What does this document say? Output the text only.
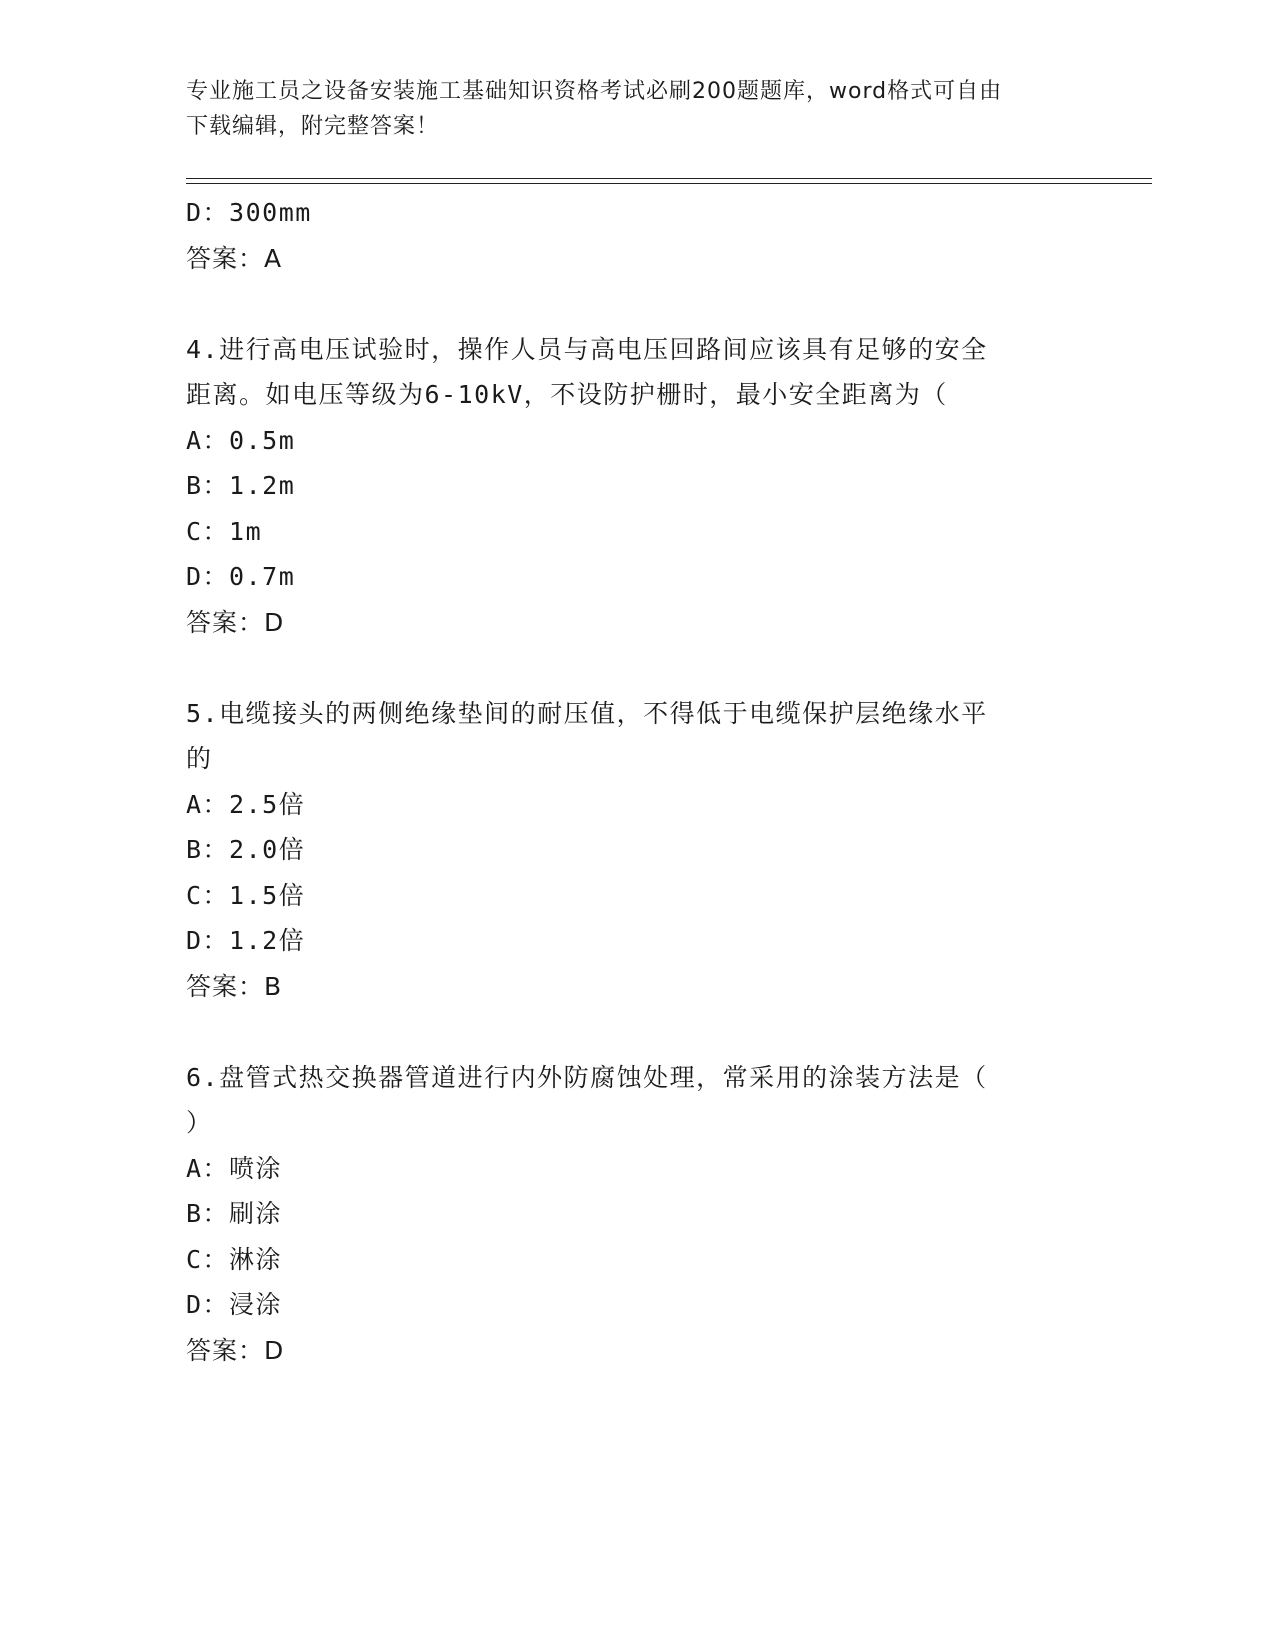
专业施工员之设备安装施工基础知识资格考试必刷200题题库，word格式可自由
下载编辑，附完整答案！
D：300mm
答案：A
4.进行高电压试验时，操作人员与高电压回路间应该具有足够的安全
距离。如电压等级为6-10kV，不设防护栅时，最小安全距离为（
A：0.5m
B：1.2m
C：1m
D：0.7m
答案：D
5.电缆接头的两侧绝缘垫间的耐压值，不得低于电缆保护层绝缘水平
的
A：2.5倍
B：2.0倍
C：1.5倍
D：1.2倍
答案：B
6.盘管式热交换器管道进行内外防腐蚀处理，常采用的涂装方法是（
）
A：喷涂
B：刷涂
C：淋涂
D：浸涂
答案：D
